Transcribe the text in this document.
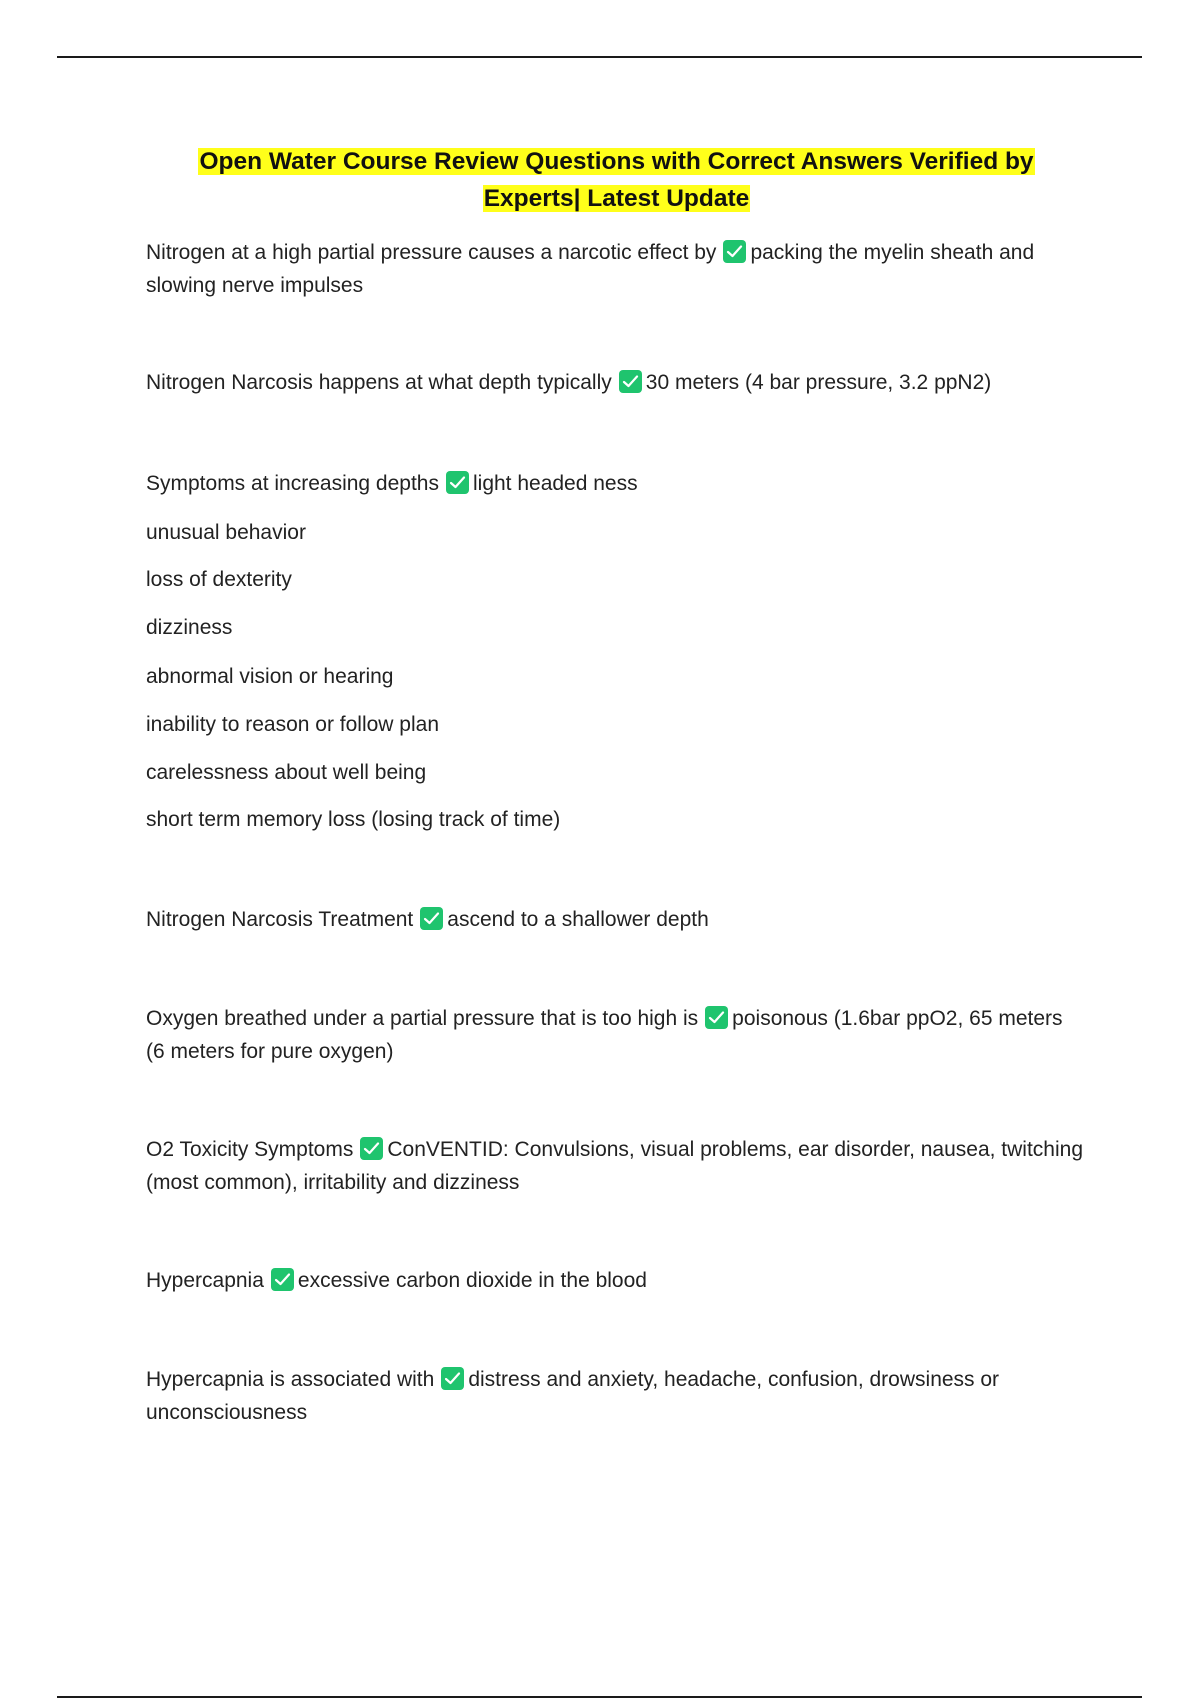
Open Water Course Review Questions with Correct Answers Verified by
Experts| Latest Update
Nitrogen at a high partial pressure causes a narcotic effect by packing the myelin sheath and slowing nerve impulses
Nitrogen Narcosis happens at what depth typically 30 meters (4 bar pressure, 3.2 ppN2)
Symptoms at increasing depths light headed ness
unusual behavior
loss of dexterity
dizziness
abnormal vision or hearing
inability to reason or follow plan
carelessness about well being
short term memory loss (losing track of time)
Nitrogen Narcosis Treatment ascend to a shallower depth
Oxygen breathed under a partial pressure that is too high is poisonous (1.6bar ppO2, 65 meters (6 meters for pure oxygen)
O2 Toxicity Symptoms ConVENTID: Convulsions, visual problems, ear disorder, nausea, twitching (most common), irritability and dizziness
Hypercapnia excessive carbon dioxide in the blood
Hypercapnia is associated with distress and anxiety, headache, confusion, drowsiness or unconsciousness
